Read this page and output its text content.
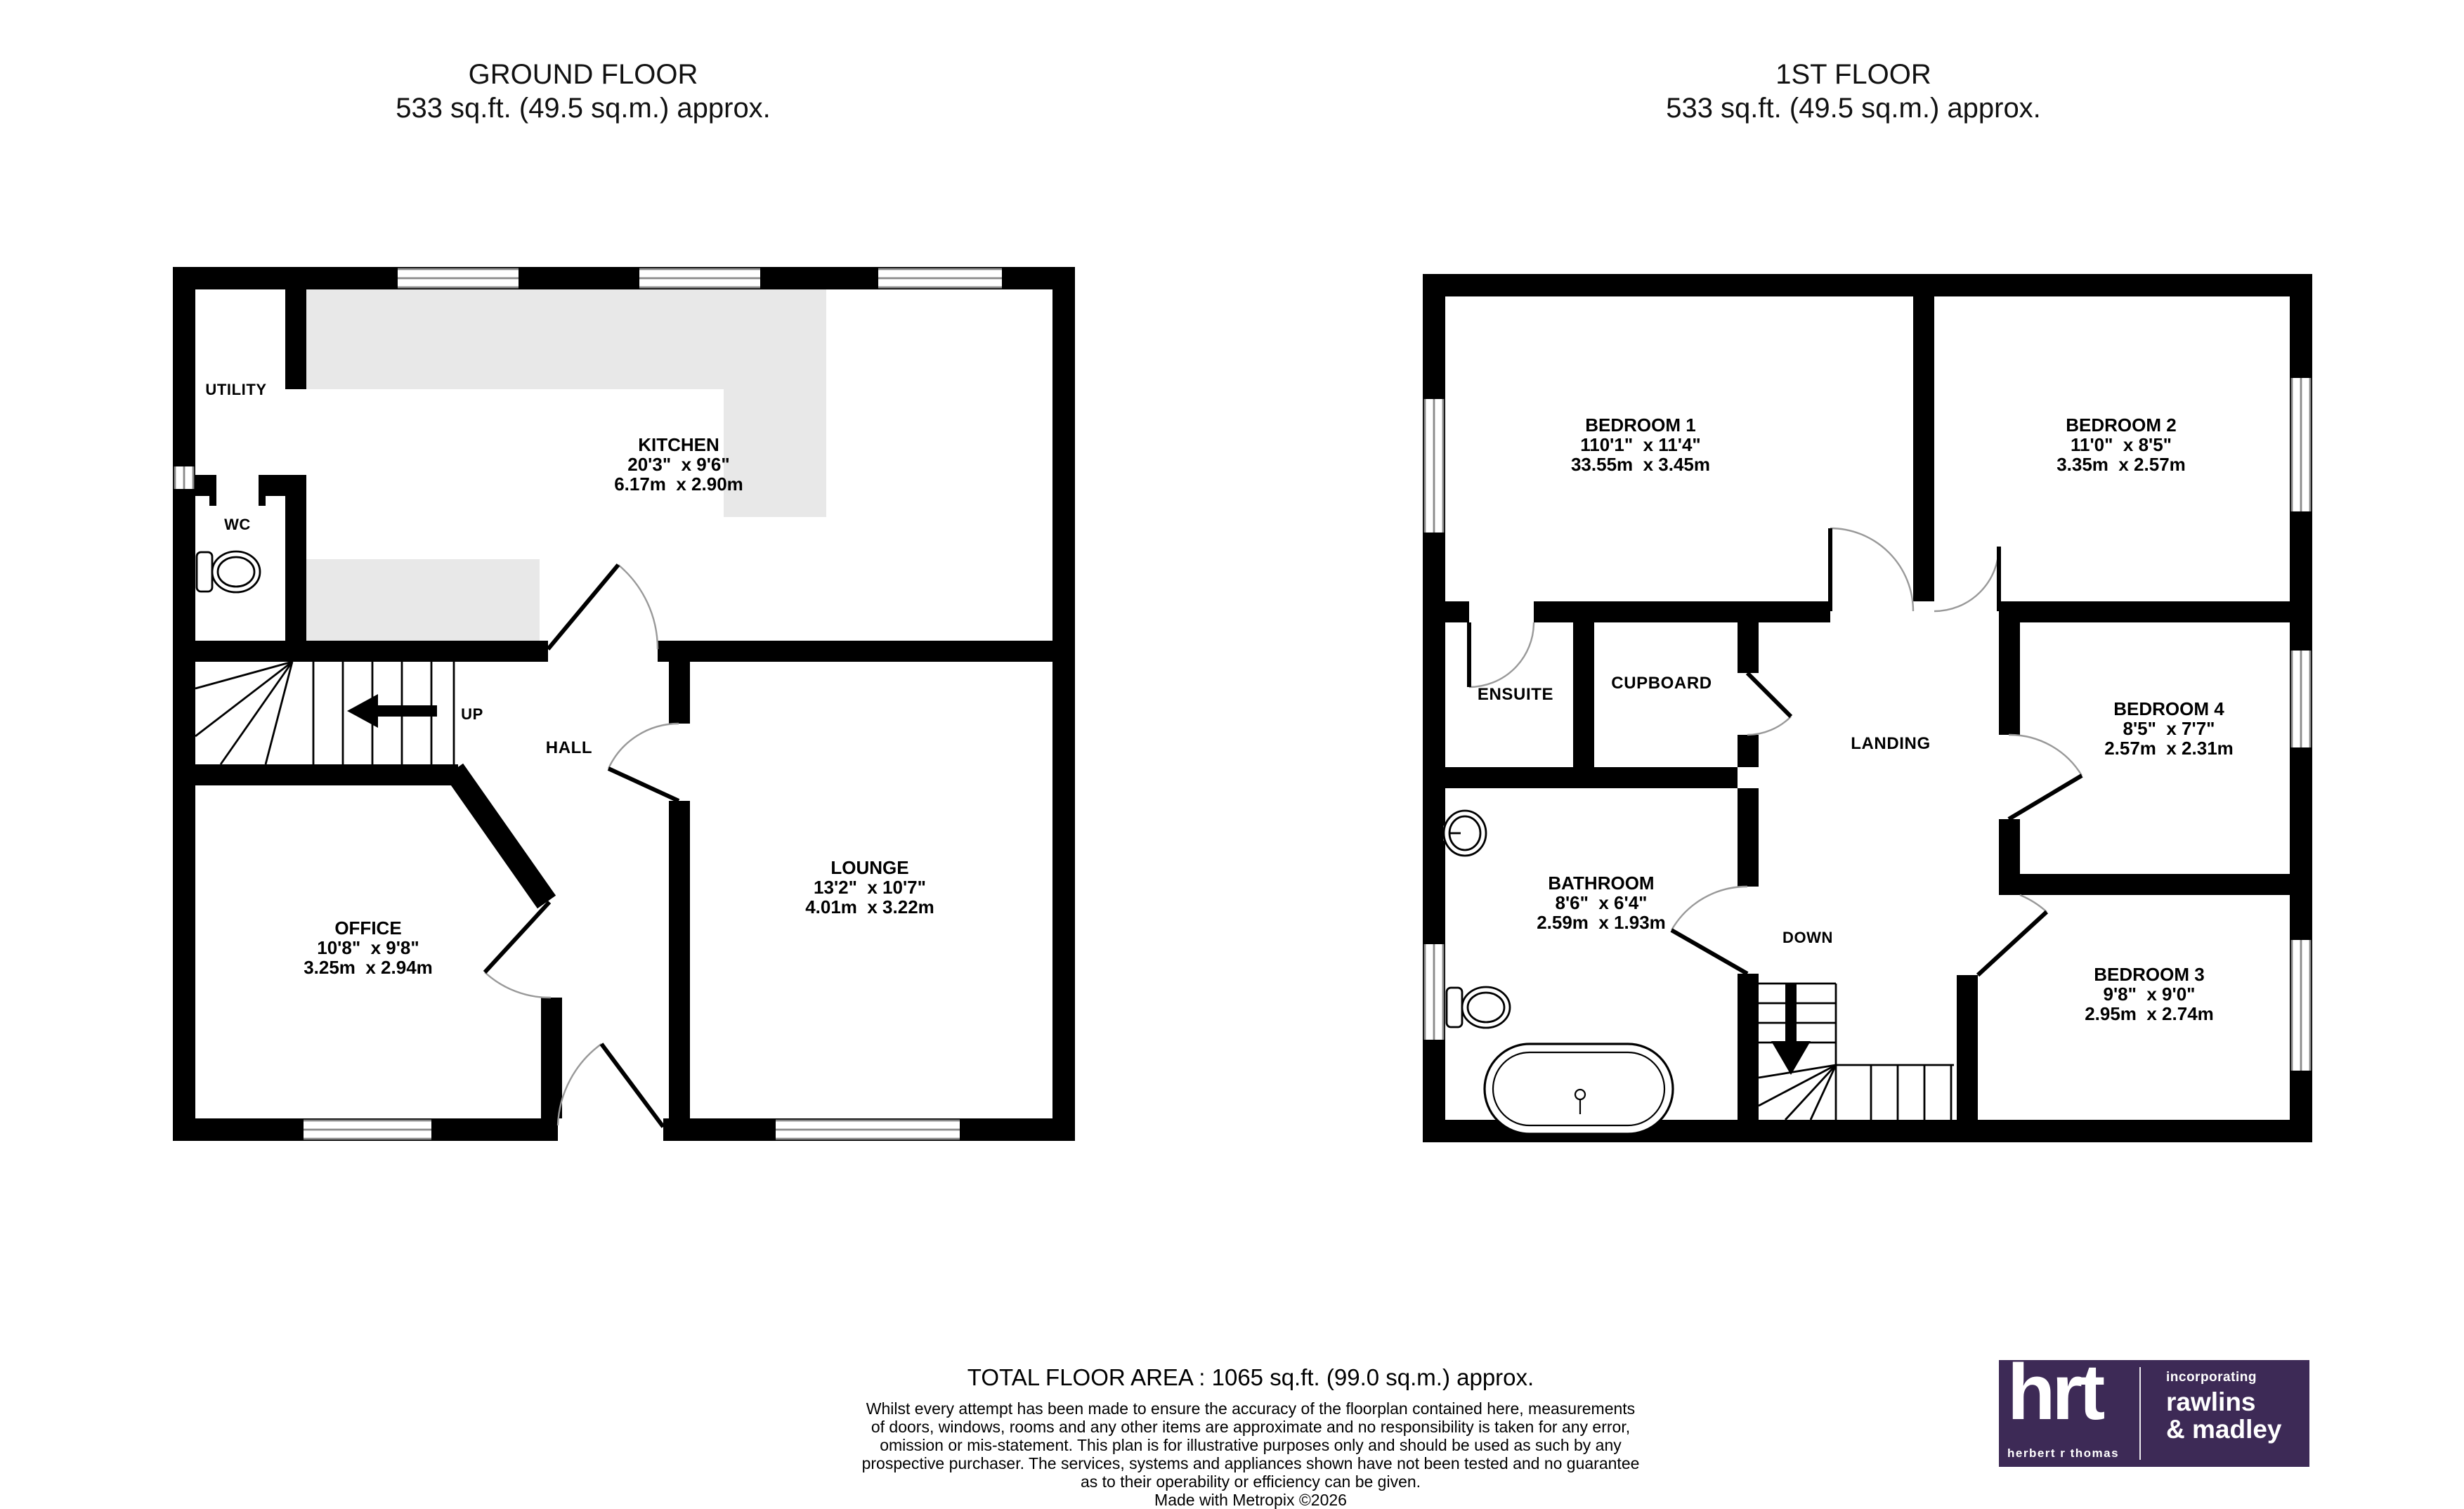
GROUND FLOOR
533 sq.ft. (49.5 sq.m.) approx.
1ST FLOOR
533 sq.ft. (49.5 sq.m.) approx.
UTILITY
KITCHEN
20'3"  x 9'6"
6.17m  x 2.90m
WC
UP
HALL
OFFICE
10'8"  x 9'8"
3.25m  x 2.94m
LOUNGE
13'2"  x 10'7"
4.01m  x 3.22m
BEDROOM 1
110'1"  x 11'4"
33.55m  x 3.45m
BEDROOM 2
11'0"  x 8'5"
3.35m  x 2.57m
ENSUITE
CUPBOARD
LANDING
BEDROOM 4
8'5"  x 7'7"
2.57m  x 2.31m
BATHROOM
8'6"  x 6'4"
2.59m  x 1.93m
DOWN
BEDROOM 3
9'8"  x 9'0"
2.95m  x 2.74m
TOTAL FLOOR AREA : 1065 sq.ft. (99.0 sq.m.) approx.
Whilst every attempt has been made to ensure the accuracy of the floorplan contained here, measurements
of doors, windows, rooms and any other items are approximate and no responsibility is taken for any error,
omission or mis-statement. This plan is for illustrative purposes only and should be used as such by any
prospective purchaser. The services, systems and appliances shown have not been tested and no guarantee
as to their operability or efficiency can be given.
Made with Metropix ©2026
hrt
herbert r thomas
incorporating
rawlins
& madley
